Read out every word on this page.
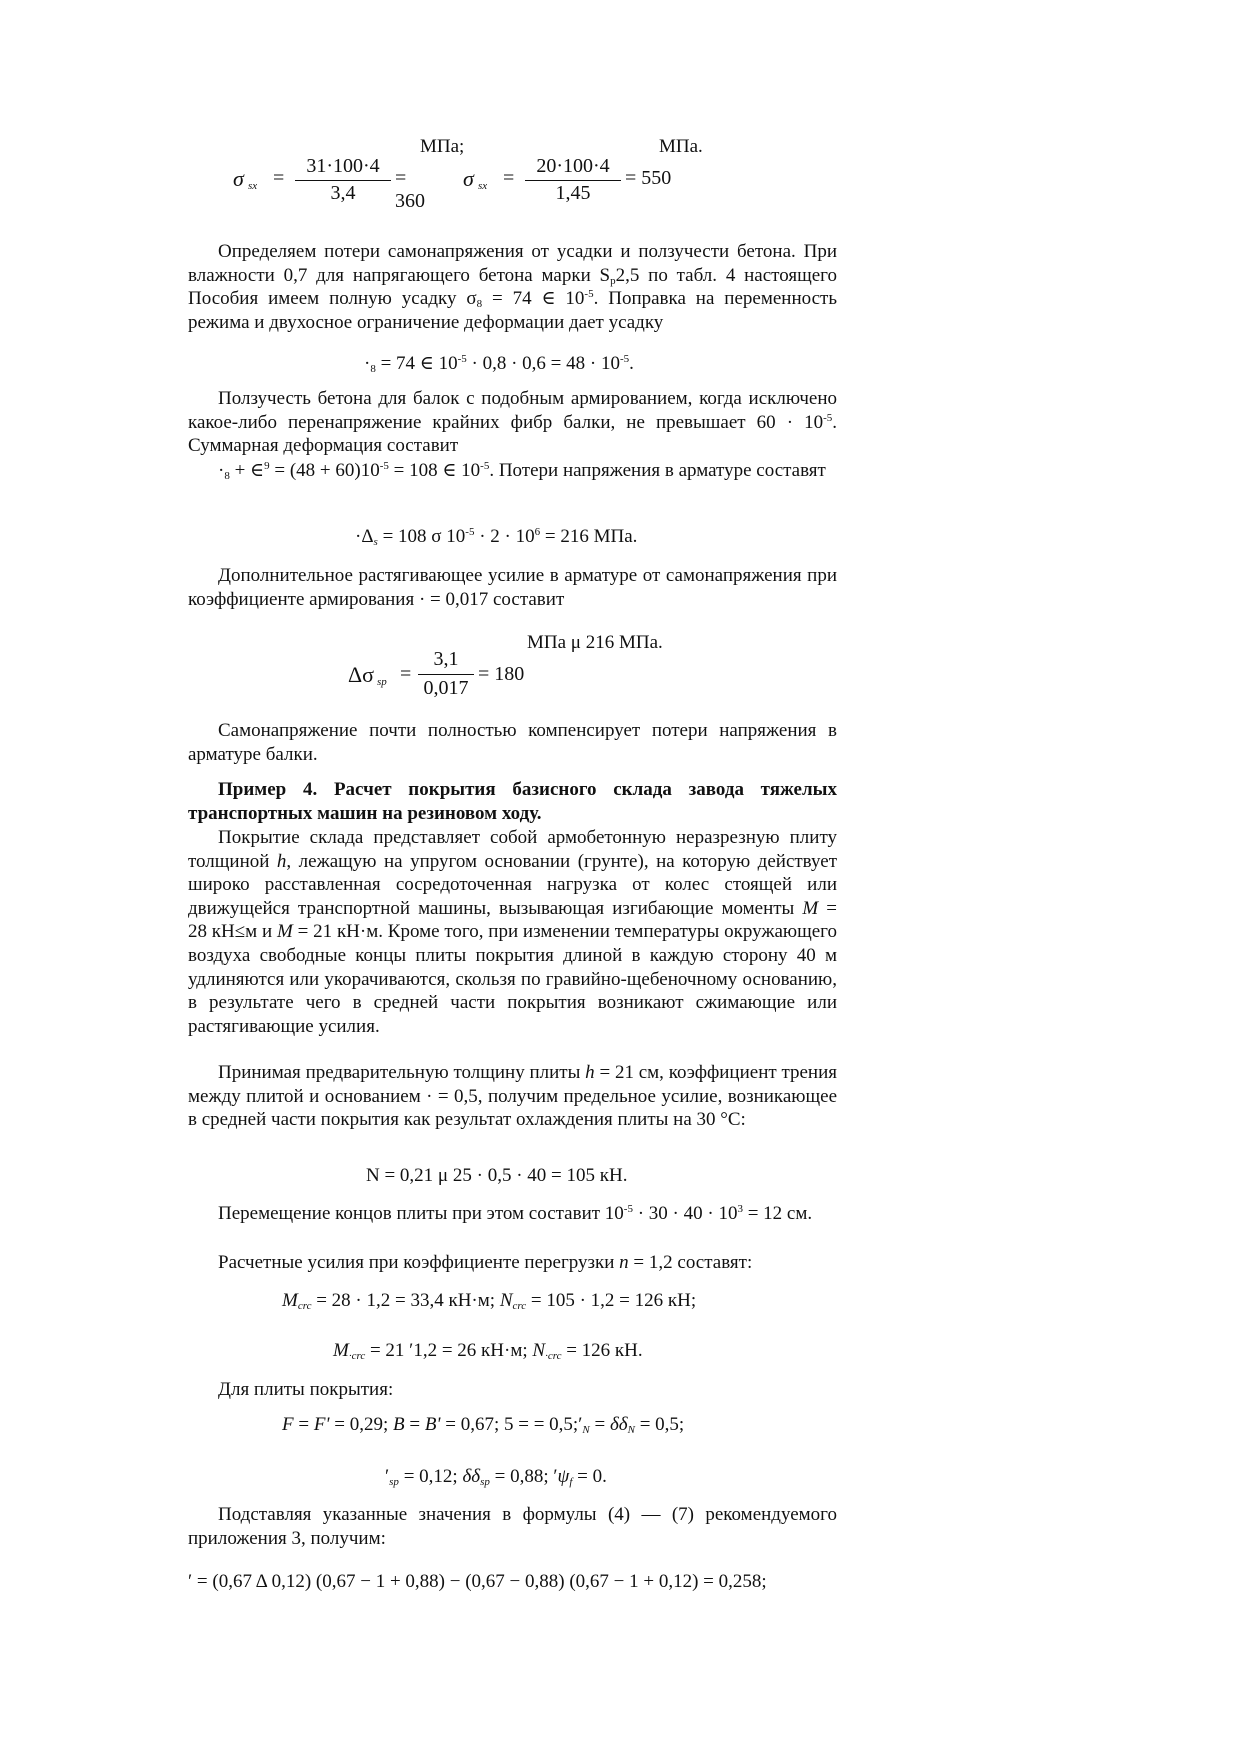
МПа;	МПа.
σ sx =
31·100·4
3,4
= 360
σ sx =
20·100·4
1,45
= 550
Определяем потери самонапряжения от усадки и ползучести бетона. При влажности 0,7 для напрягающего бетона марки $S_p2,5$ по табл. 4 настоящего Пособия имеем полную усадку $\sigma_8 = 74$ ∈ $10^{-5}$. Поправка на переменность режима и двухосное ограничение деформации дает усадку
$\cdot_8 = 74$ ∈ $10^{-5} \cdot 0,8 \cdot 0,6 = 48 \cdot 10^{-5}$.
Ползучесть бетона для балок с подобным армированием, когда исключено какое-либо перенапряжение крайних фибр балки, не превышает $60 \cdot 10^{-5}$. Суммарная деформация составит
$\cdot_8$ + ∈$^9$ = $(48 + 60)10^{-5} = 108$ ∈ $10^{-5}$. Потери напряжения в арматуре составят
$\cdot\Delta_s = 108$ σ $10^{-5} \cdot 2 \cdot 10^6 = 216$ МПа.
Дополнительное растягивающее усилие в арматуре от самонапряжения при коэффициенте армирования · = 0,017 составит
МПа μ 216 МПа.
Δσ sp =
3,1
0,017
= 180
Самонапряжение почти полностью компенсирует потери напряжения в арматуре балки.
Пример 4. Расчет покрытия базисного склада завода тяжелых транспортных машин на резиновом ходу.
Покрытие склада представляет собой армобетонную неразрезную плиту толщиной h, лежащую на упругом основании (грунте), на которую действует широко расставленная сосредоточенная нагрузка от колес стоящей или движущейся транспортной машины, вызывающая изгибающие моменты M = 28 кН≤м и M = 21 кН·м. Кроме того, при изменении температуры окружающего воздуха свободные концы плиты покрытия длиной в каждую сторону 40 м удлиняются или укорачиваются, скользя по гравийно-щебеночному основанию, в результате чего в средней части покрытия возникают сжимающие или растягивающие усилия.
Принимая предварительную толщину плиты h = 21 см, коэффициент трения между плитой и основанием · = 0,5, получим предельное усилие, возникающее в средней части покрытия как результат охлаждения плиты на 30 °С:
N = 0,21 μ 25 · 0,5 · 40 = 105 кН.
Перемещение концов плиты при этом составит $10^{-5} \cdot 30 \cdot 40 \cdot 10^3 = 12$ см.
Расчетные усилия при коэффициенте перегрузки n = 1,2 составят:
$M_{crc} = 28 \cdot 1,2 = 33,4$ кН·м; $N_{crc} = 105 \cdot 1,2 = 126$ кН;
$M_{\cdot crc} = 21$ ′1,2 = 26 кН·м; $N_{\cdot crc} = 126$ кН.
Для плиты покрытия:
F = F' = 0,29; B = B' = 0,67; 5 = = $0,5;'_N = \delta\delta_N = 0,5$;
$'_{sp} = 0,12$; $\delta\delta_{sp} = 0,88$; $'\psi_f = 0$.
Подставляя указанные значения в формулы (4) — (7) рекомендуемого приложения 3, получим:
′ = (0,67 Δ 0,12) (0,67 − 1 + 0,88) − (0,67 − 0,88) (0,67 − 1 + 0,12) = 0,258;
